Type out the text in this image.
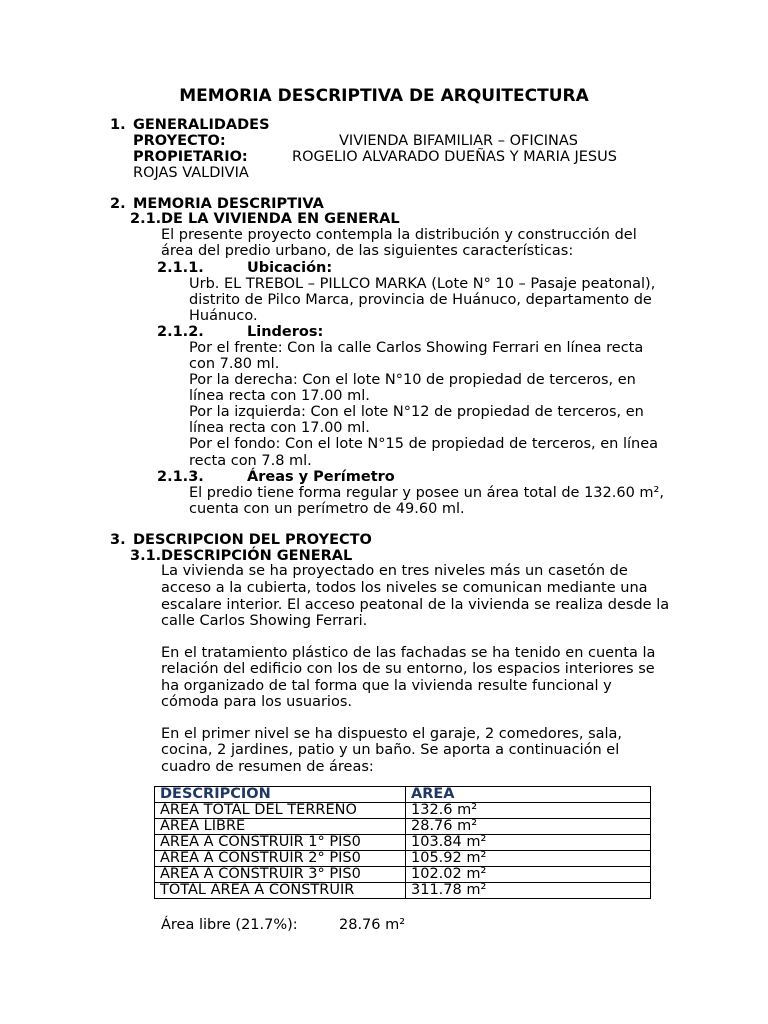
MEMORIA DESCRIPTIVA DE ARQUITECTURA
1. GENERALIDADES
PROYECTO:	VIVIENDA BIFAMILIAR – OFICINAS
PROPIETARIO:	ROGELIO ALVARADO DUEÑAS Y MARIA JESUS
ROJAS VALDIVIA
2. MEMORIA DESCRIPTIVA
2.1. DE LA VIVIENDA EN GENERAL
El presente proyecto contempla la distribución y construcción del
área del predio urbano, de las siguientes características:
2.1.1.	Ubicación:
Urb. EL TREBOL – PILLCO MARKA (Lote N° 10 – Pasaje peatonal),
distrito de Pilco Marca, provincia de Huánuco, departamento de
Huánuco.
2.1.2.	Linderos:
Por el frente: Con la calle Carlos Showing Ferrari en línea recta
con 7.80 ml.
Por la derecha: Con el lote N°10 de propiedad de terceros, en
línea recta con 17.00 ml.
Por la izquierda: Con el lote N°12 de propiedad de terceros, en
línea recta con 17.00 ml.
Por el fondo: Con el lote N°15 de propiedad de terceros, en línea
recta con 7.8 ml.
2.1.3.	Áreas y Perímetro
El predio tiene forma regular y posee un área total de 132.60 m²,
cuenta con un perímetro de 49.60 ml.
3. DESCRIPCION DEL PROYECTO
3.1. DESCRIPCIÓN GENERAL
La vivienda se ha proyectado en tres niveles más un casetón de
acceso a la cubierta, todos los niveles se comunican mediante una
escalare interior. El acceso peatonal de la vivienda se realiza desde la
calle Carlos Showing Ferrari.
En el tratamiento plástico de las fachadas se ha tenido en cuenta la
relación del edificio con los de su entorno, los espacios interiores se
ha organizado de tal forma que la vivienda resulte funcional y
cómoda para los usuarios.
En el primer nivel se ha dispuesto el garaje, 2 comedores, sala,
cocina, 2 jardines, patio y un baño. Se aporta a continuación el
cuadro de resumen de áreas:
DESCRIPCION	AREA
AREA TOTAL DEL TERRENO	132.6 m²
AREA LIBRE	28.76 m²
AREA A CONSTRUIR 1° PIS0	103.84 m²
AREA A CONSTRUIR 2° PIS0	105.92 m²
AREA A CONSTRUIR 3° PIS0	102.02 m²
TOTAL AREA A CONSTRUIR	311.78 m²
Área libre (21.7%):	28.76 m²
